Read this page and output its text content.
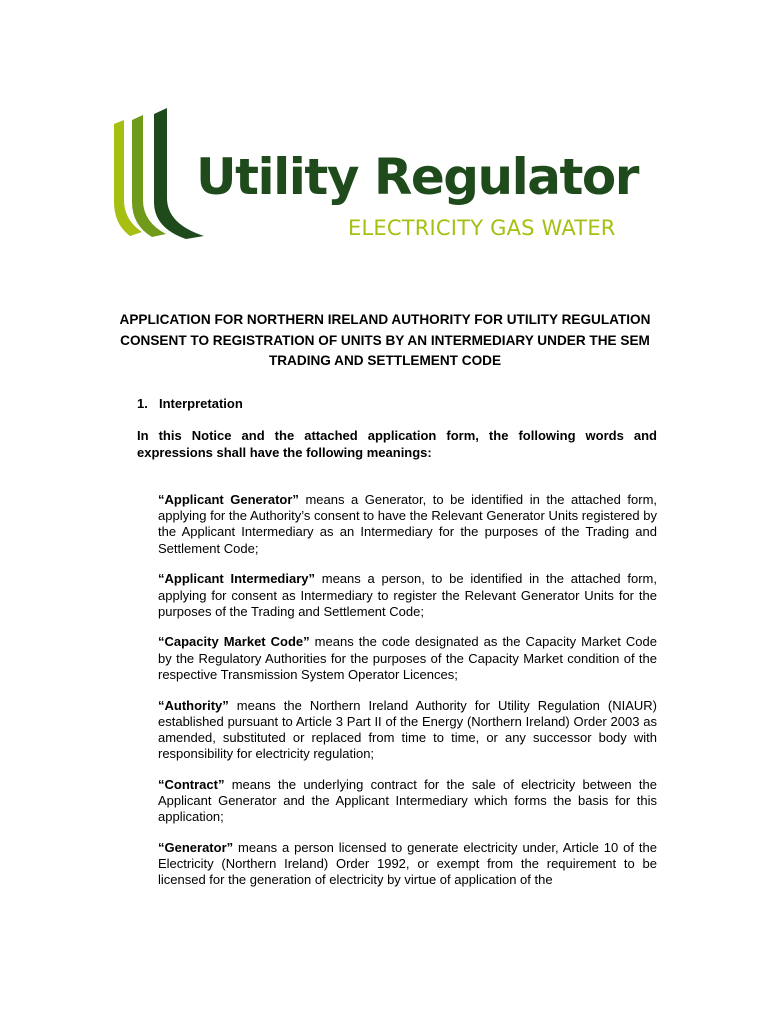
Utility Regulator
ELECTRICITY GAS WATER
APPLICATION FOR NORTHERN IRELAND AUTHORITY FOR UTILITY REGULATION CONSENT TO REGISTRATION OF UNITS BY AN INTERMEDIARY UNDER THE SEM TRADING AND SETTLEMENT CODE
1. Interpretation

In this Notice and the attached application form, the following words and expressions shall have the following meanings:

“Applicant Generator” means a Generator, to be identified in the attached form, applying for the Authority’s consent to have the Relevant Generator Units registered by the Applicant Intermediary as an Intermediary for the purposes of the Trading and Settlement Code;
“Applicant Intermediary” means a person, to be identified in the attached form, applying for consent as Intermediary to register the Relevant Generator Units for the purposes of the Trading and Settlement Code;
“Capacity Market Code” means the code designated as the Capacity Market Code by the Regulatory Authorities for the purposes of the Capacity Market condition of the respective Transmission System Operator Licences;
“Authority” means the Northern Ireland Authority for Utility Regulation (NIAUR) established pursuant to Article 3 Part II of the Energy (Northern Ireland) Order 2003 as amended, substituted or replaced from time to time, or any successor body with responsibility for electricity regulation;
“Contract” means the underlying contract for the sale of electricity between the Applicant Generator and the Applicant Intermediary which forms the basis for this application;
“Generator” means a person licensed to generate electricity under, Article 10 of the Electricity (Northern Ireland) Order 1992, or exempt from the requirement to be licensed for the generation of electricity by virtue of application of the
